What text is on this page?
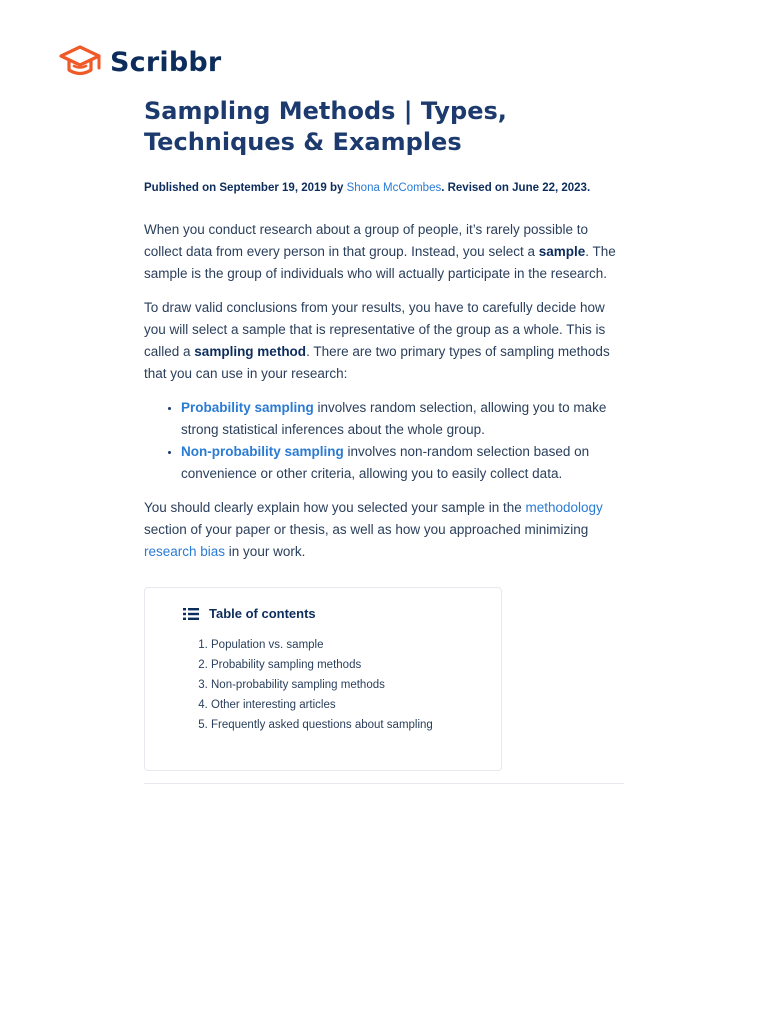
Scribbr
Sampling Methods | Types, Techniques & Examples
Published on September 19, 2019 by Shona McCombes. Revised on June 22, 2023.

When you conduct research about a group of people, it’s rarely possible to collect data from every person in that group. Instead, you select a sample. The sample is the group of individuals who will actually participate in the research.

To draw valid conclusions from your results, you have to carefully decide how you will select a sample that is representative of the group as a whole. This is called a sampling method. There are two primary types of sampling methods that you can use in your research:

• Probability sampling involves random selection, allowing you to make strong statistical inferences about the whole group.
• Non-probability sampling involves non-random selection based on convenience or other criteria, allowing you to easily collect data.

You should clearly explain how you selected your sample in the methodology section of your paper or thesis, as well as how you approached minimizing research bias in your work.

Table of contents
1. Population vs. sample
2. Probability sampling methods
3. Non-probability sampling methods
4. Other interesting articles
5. Frequently asked questions about sampling
